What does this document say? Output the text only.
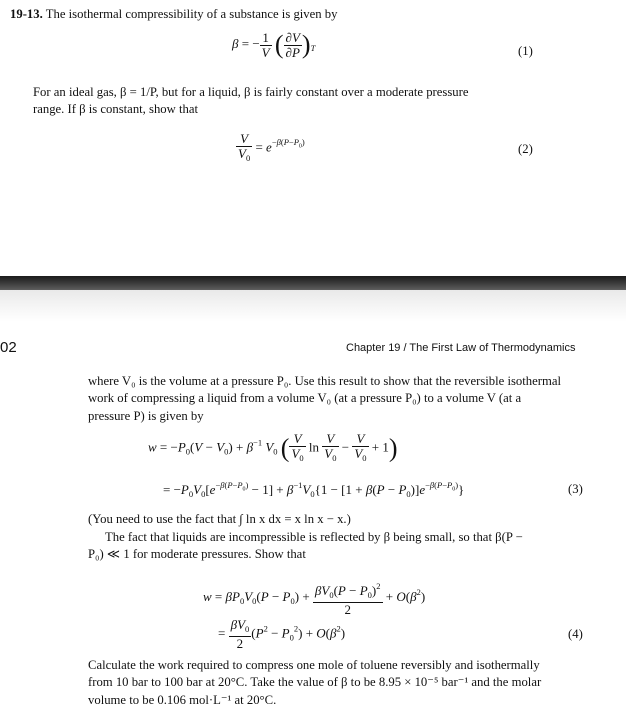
19-13. The isothermal compressibility of a substance is given by
β = − $\frac{1}{V}$ ( $\frac{\partial V}{\partial P} )_T$	(1)
For an ideal gas, β = 1/P, but for a liquid, β is fairly constant over a moderate pressure
range. If β is constant, show that
$\frac{V}{V_0} = e^{-\beta(P-P_0)}$	(2)
02	Chapter 19 / The First Law of Thermodynamics
where V₀ is the volume at a pressure P₀. Use this result to show that the reversible isothermal
work of compressing a liquid from a volume V₀ (at a pressure P₀) to a volume V (at a
pressure P) is given by
$w = -P_0(V - V_0) + \beta^{-1}$ $V_0$ ( $\frac{V}{V_0}$ $\ln \frac{V}{V_0} - \frac{V}{V_0} + 1$)
= $-P_0V_0[e^{-\beta(P-P_0)} - 1] + \beta^{-1}V_0\{1 - [1 + \beta(P - P_0)]e^{-\beta(P-P_0)}\}$	(3)
(You need to use the fact that ∫ ln x dx = x ln x − x.)
The fact that liquids are incompressible is reflected by β being small, so that β(P −
P₀) ≪ 1 for moderate pressures. Show that
$w = \beta P_0V_0(P - P_0) + \frac{\beta V_0(P - P_0)^2}{2} + O(\beta^2)$
= $\frac{\beta V_0}{2} (P^2 - P_0^2) + O(\beta^2)$	(4)
Calculate the work required to compress one mole of toluene reversibly and isothermally
from 10 bar to 100 bar at 20°C. Take the value of β to be 8.95 × 10⁻⁵ bar⁻¹ and the molar
volume to be 0.106 mol·L⁻¹ at 20°C.
